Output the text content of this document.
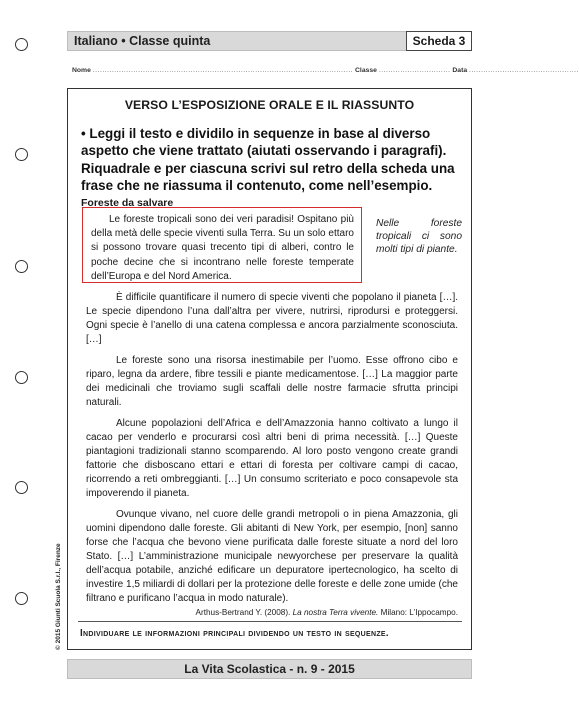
Italiano • Classe quinta	Scheda 3
Nome ............................................................................................................. Classe .............................. Data ..............................................
VERSO L’ESPOSIZIONE ORALE E IL RIASSUNTO
• Leggi il testo e dividilo in sequenze in base al diverso aspetto che viene trattato (aiutati osservando i paragrafi). Riquadrale e per ciascuna scrivi sul retro della scheda una frase che ne riassuma il contenuto, come nell’esempio.
Foreste da salvare
Le foreste tropicali sono dei veri paradisi! Ospitano più della metà delle specie viventi sulla Terra. Su un solo ettaro si possono trovare quasi trecento tipi di alberi, contro le poche decine che si incontrano nelle foreste temperate dell’Europa e del Nord America.
Nelle foreste tropicali ci sono molti tipi di piante.

È difficile quantificare il numero di specie viventi che popolano il pianeta […]. Le specie dipendono l’una dall’altra per vivere, nutrirsi, riprodursi e proteggersi. Ogni specie è l’anello di una catena complessa e ancora parzialmente sconosciuta. […]

Le foreste sono una risorsa inestimabile per l’uomo. Esse offrono cibo e riparo, legna da ardere, fibre tessili e piante medicamentose. […] La maggior parte dei medicinali che troviamo sugli scaffali delle nostre farmacie sfrutta principi naturali.

Alcune popolazioni dell’Africa e dell’Amazzonia hanno coltivato a lungo il cacao per venderlo e procurarsi così altri beni di prima necessità. […] Queste piantagioni tradizionali stanno scomparendo. Al loro posto vengono create grandi fattorie che disboscano ettari e ettari di foresta per coltivare campi di cacao, ricorrendo a reti ombreggianti. […] Un consumo scriteriato e poco consapevole sta impoverendo il pianeta.

Ovunque vivano, nel cuore delle grandi metropoli o in piena Amazzonia, gli uomini dipendono dalle foreste. Gli abitanti di New York, per esempio, [non] sanno forse che l’acqua che bevono viene purificata dalle foreste situate a nord del loro Stato. […] L’amministrazione municipale newyorchese per preservare la qualità dell’acqua potabile, anziché edificare un depuratore ipertecnologico, ha scelto di investire 1,5 miliardi di dollari per la protezione delle foreste e delle zone umide (che filtrano e purificano l’acqua in modo naturale).

Arthus-Bertrand Y. (2008). La nostra Terra vivente. Milano: L’Ippocampo.
Individuare le informazioni principali dividendo un testo in sequenze.
© 2015 Giunti Scuola S.r.l., Firenze
La Vita Scolastica - n. 9 - 2015
